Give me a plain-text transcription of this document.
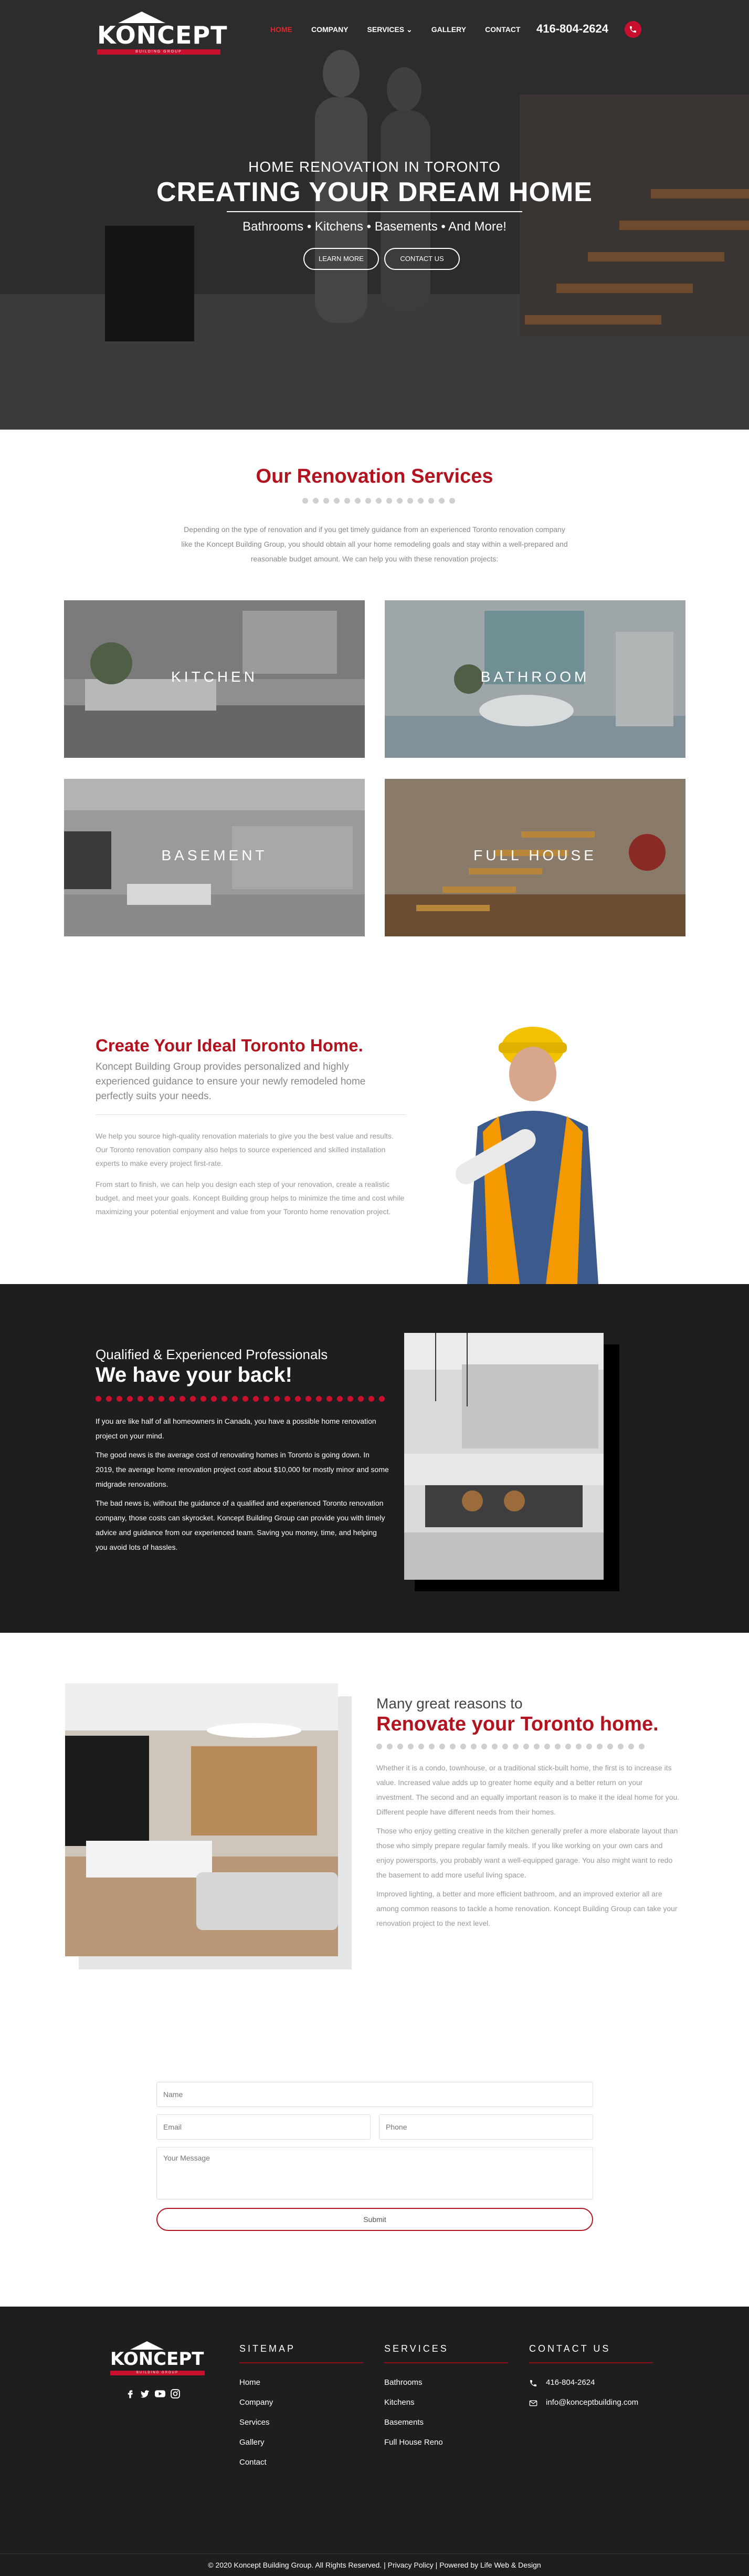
KONCEPT
BUILDING GROUP
HOME	COMPANY	SERVICES ⌄	GALLERY	CONTACT 416-804-2624
HOME RENOVATION IN TORONTO
CREATING YOUR DREAM HOME
Bathrooms • Kitchens • Basements • And More!
LEARN MORE	CONTACT US
Our Renovation Services
Depending on the type of renovation and if you get timely guidance from an experienced Toronto renovation company like the Koncept Building Group, you should obtain all your home remodeling goals and stay within a well-prepared and reasonable budget amount. We can help you with these renovation projects:
KITCHEN	BATHROOM
BASEMENT	FULL HOUSE
Create Your Ideal Toronto Home.
Koncept Building Group provides personalized and highly experienced guidance to ensure your newly remodeled home perfectly suits your needs.
We help you source high-quality renovation materials to give you the best value and results. Our Toronto renovation company also helps to source experienced and skilled installation experts to make every project first-rate.
From start to finish, we can help you design each step of your renovation, create a realistic budget, and meet your goals. Koncept Building group helps to minimize the time and cost while maximizing your potential enjoyment and value from your Toronto home renovation project.
Qualified & Experienced Professionals
We have your back!
If you are like half of all homeowners in Canada, you have a possible home renovation project on your mind.
The good news is the average cost of renovating homes in Toronto is going down. In 2019, the average home renovation project cost about $10,000 for mostly minor and some midgrade renovations.
The bad news is, without the guidance of a qualified and experienced Toronto renovation company, those costs can skyrocket. Koncept Building Group can provide you with timely advice and guidance from our experienced team. Saving you money, time, and helping you avoid lots of hassles.
Many great reasons to
Renovate your Toronto home.
Whether it is a condo, townhouse, or a traditional stick-built home, the first is to increase its value. Increased value adds up to greater home equity and a better return on your investment. The second and an equally important reason is to make it the ideal home for you. Different people have different needs from their homes.
Those who enjoy getting creative in the kitchen generally prefer a more elaborate layout than those who simply prepare regular family meals. If you like working on your own cars and enjoy powersports, you probably want a well-equipped garage. You also might want to redo the basement to add more useful living space.
Improved lighting, a better and more efficient bathroom, and an improved exterior all are among common reasons to tackle a home renovation. Koncept Building Group can take your renovation project to the next level.
Name
Email
Phone
Your Message
Submit
KONCEPT
BUILDING GROUP
SITEMAP
Home
Company
Services
Gallery
Contact
SERVICES
Bathrooms
Kitchens
Basements
Full House Reno
CONTACT US
416-804-2624
info@konceptbuilding.com
© 2020 Koncept Building Group. All Rights Reserved. | Privacy Policy | Powered by Life Web & Design
